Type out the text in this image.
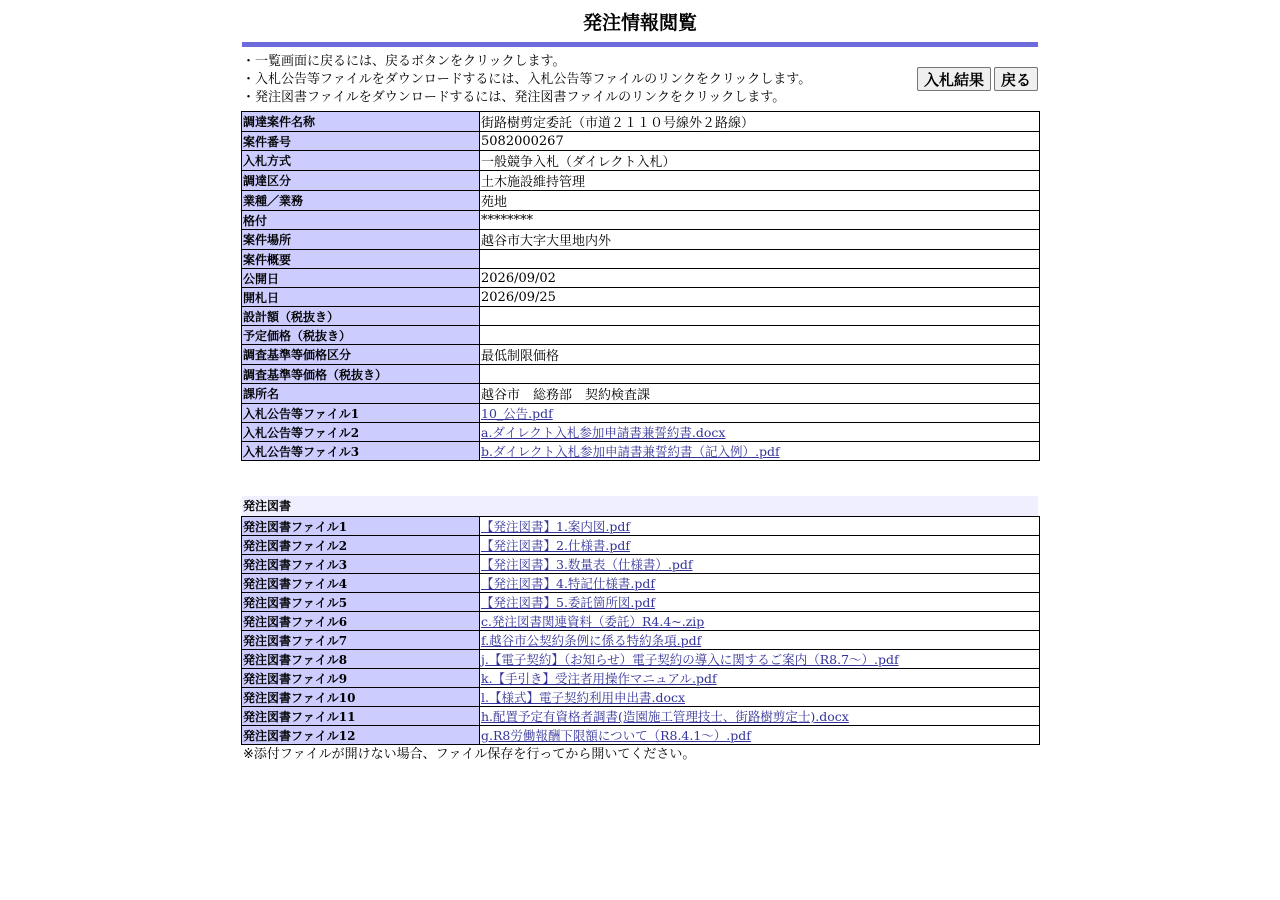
発注情報閲覧
・一覧画面に戻るには、戻るボタンをクリックします。
・入札公告等ファイルをダウンロードするには、入札公告等ファイルのリンクをクリックします。
・発注図書ファイルをダウンロードするには、発注図書ファイルのリンクをクリックします。
入札結果	戻る
調達案件名称	街路樹剪定委託（市道２１１０号線外２路線）
案件番号	5082000267
入札方式	一般競争入札（ダイレクト入札）
調達区分	土木施設維持管理
業種／業務	苑地
格付	********
案件場所	越谷市大字大里地内外
案件概要	
公開日	2026/09/02
開札日	2026/09/25
設計額（税抜き）	
予定価格（税抜き）	
調査基準等価格区分	最低制限価格
調査基準等価格（税抜き）	
課所名	越谷市　総務部　契約検査課
入札公告等ファイル1	10_公告.pdf
入札公告等ファイル2	a.ダイレクト入札参加申請書兼誓約書.docx
入札公告等ファイル3	b.ダイレクト入札参加申請書兼誓約書（記入例）.pdf
発注図書
発注図書ファイル1	【発注図書】1.案内図.pdf
発注図書ファイル2	【発注図書】2.仕様書.pdf
発注図書ファイル3	【発注図書】3.数量表（仕様書）.pdf
発注図書ファイル4	【発注図書】4.特記仕様書.pdf
発注図書ファイル5	【発注図書】5.委託箇所図.pdf
発注図書ファイル6	c.発注図書関連資料（委託）R4.4~.zip
発注図書ファイル7	f.越谷市公契約条例に係る特約条項.pdf
発注図書ファイル8	j.【電子契約】（お知らせ）電子契約の導入に関するご案内（R8.7～）.pdf
発注図書ファイル9	k.【手引き】受注者用操作マニュアル.pdf
発注図書ファイル10	l.【様式】電子契約利用申出書.docx
発注図書ファイル11	h.配置予定有資格者調書(造園施工管理技士、街路樹剪定士).docx
発注図書ファイル12	g.R8労働報酬下限額について（R8.4.1～）.pdf
※添付ファイルが開けない場合、ファイル保存を行ってから開いてください。
